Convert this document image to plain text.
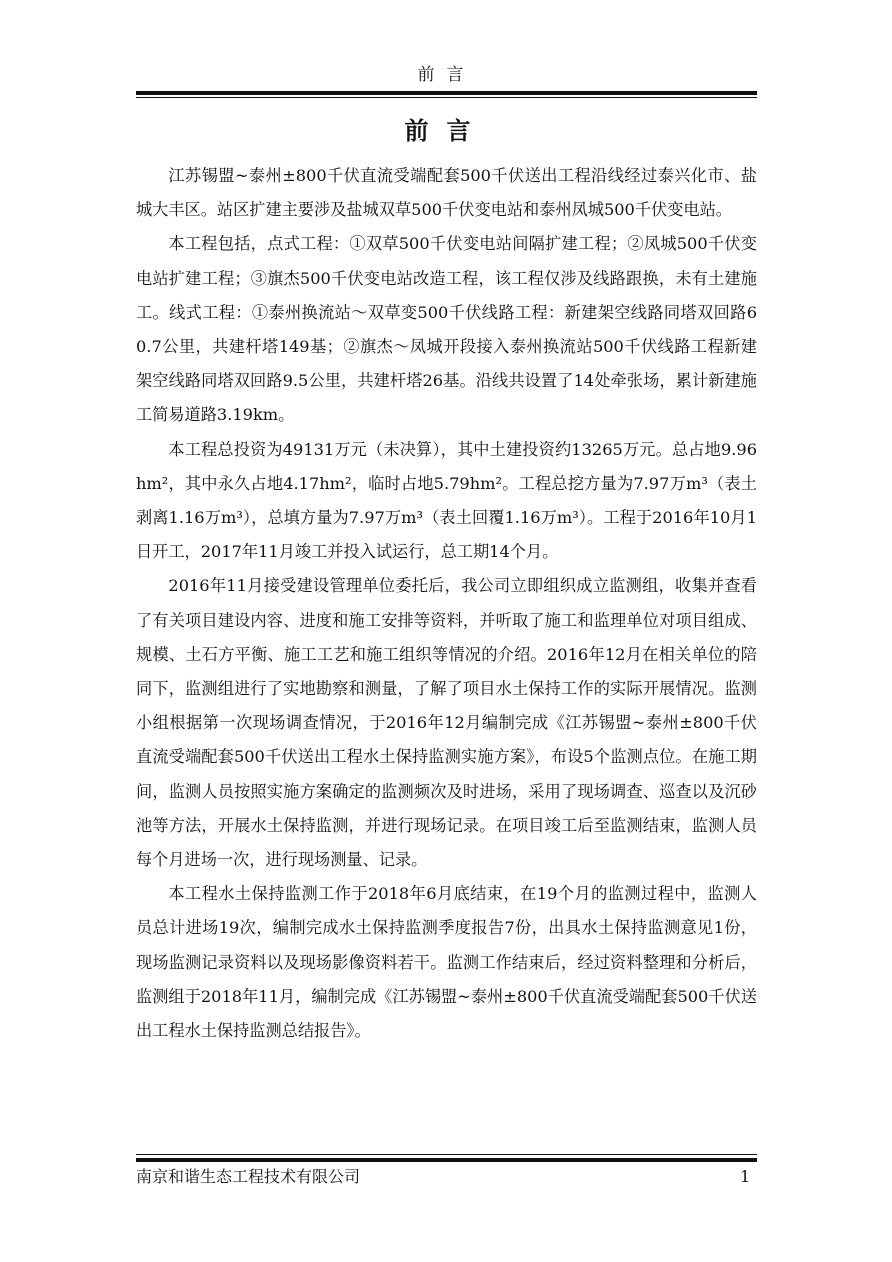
前言
前言

江苏锡盟~泰州±800千伏直流受端配套500千伏送出工程沿线经过泰兴化市、盐城大丰区。站区扩建主要涉及盐城双草500千伏变电站和泰州凤城500千伏变电站。

本工程包括，点式工程：①双草500千伏变电站间隔扩建工程；②凤城500千伏变电站扩建工程；③旗杰500千伏变电站改造工程，该工程仅涉及线路跟换，未有土建施工。线式工程：①泰州换流站～双草变500千伏线路工程：新建架空线路同塔双回路60.7公里，共建杆塔149基；②旗杰～凤城开段接入泰州换流站500千伏线路工程新建架空线路同塔双回路9.5公里，共建杆塔26基。沿线共设置了14处牵张场，累计新建施工简易道路3.19km。

本工程总投资为49131万元（未决算），其中土建投资约13265万元。总占地9.96hm²，其中永久占地4.17hm²，临时占地5.79hm²。工程总挖方量为7.97万m³（表土剥离1.16万m³），总填方量为7.97万m³（表土回覆1.16万m³）。工程于2016年10月1日开工，2017年11月竣工并投入试运行，总工期14个月。

2016年11月接受建设管理单位委托后，我公司立即组织成立监测组，收集并查看了有关项目建设内容、进度和施工安排等资料，并听取了施工和监理单位对项目组成、规模、土石方平衡、施工工艺和施工组织等情况的介绍。2016年12月在相关单位的陪同下，监测组进行了实地勘察和测量，了解了项目水土保持工作的实际开展情况。监测小组根据第一次现场调查情况，于2016年12月编制完成《江苏锡盟~泰州±800千伏直流受端配套500千伏送出工程水土保持监测实施方案》，布设5个监测点位。在施工期间，监测人员按照实施方案确定的监测频次及时进场，采用了现场调查、巡查以及沉砂池等方法，开展水土保持监测，并进行现场记录。在项目竣工后至监测结束，监测人员每个月进场一次，进行现场测量、记录。

本工程水土保持监测工作于2018年6月底结束，在19个月的监测过程中，监测人员总计进场19次，编制完成水土保持监测季度报告7份，出具水土保持监测意见1份，现场监测记录资料以及现场影像资料若干。监测工作结束后，经过资料整理和分析后，监测组于2018年11月，编制完成《江苏锡盟~泰州±800千伏直流受端配套500千伏送出工程水土保持监测总结报告》。

南京和谐生态工程技术有限公司	1
